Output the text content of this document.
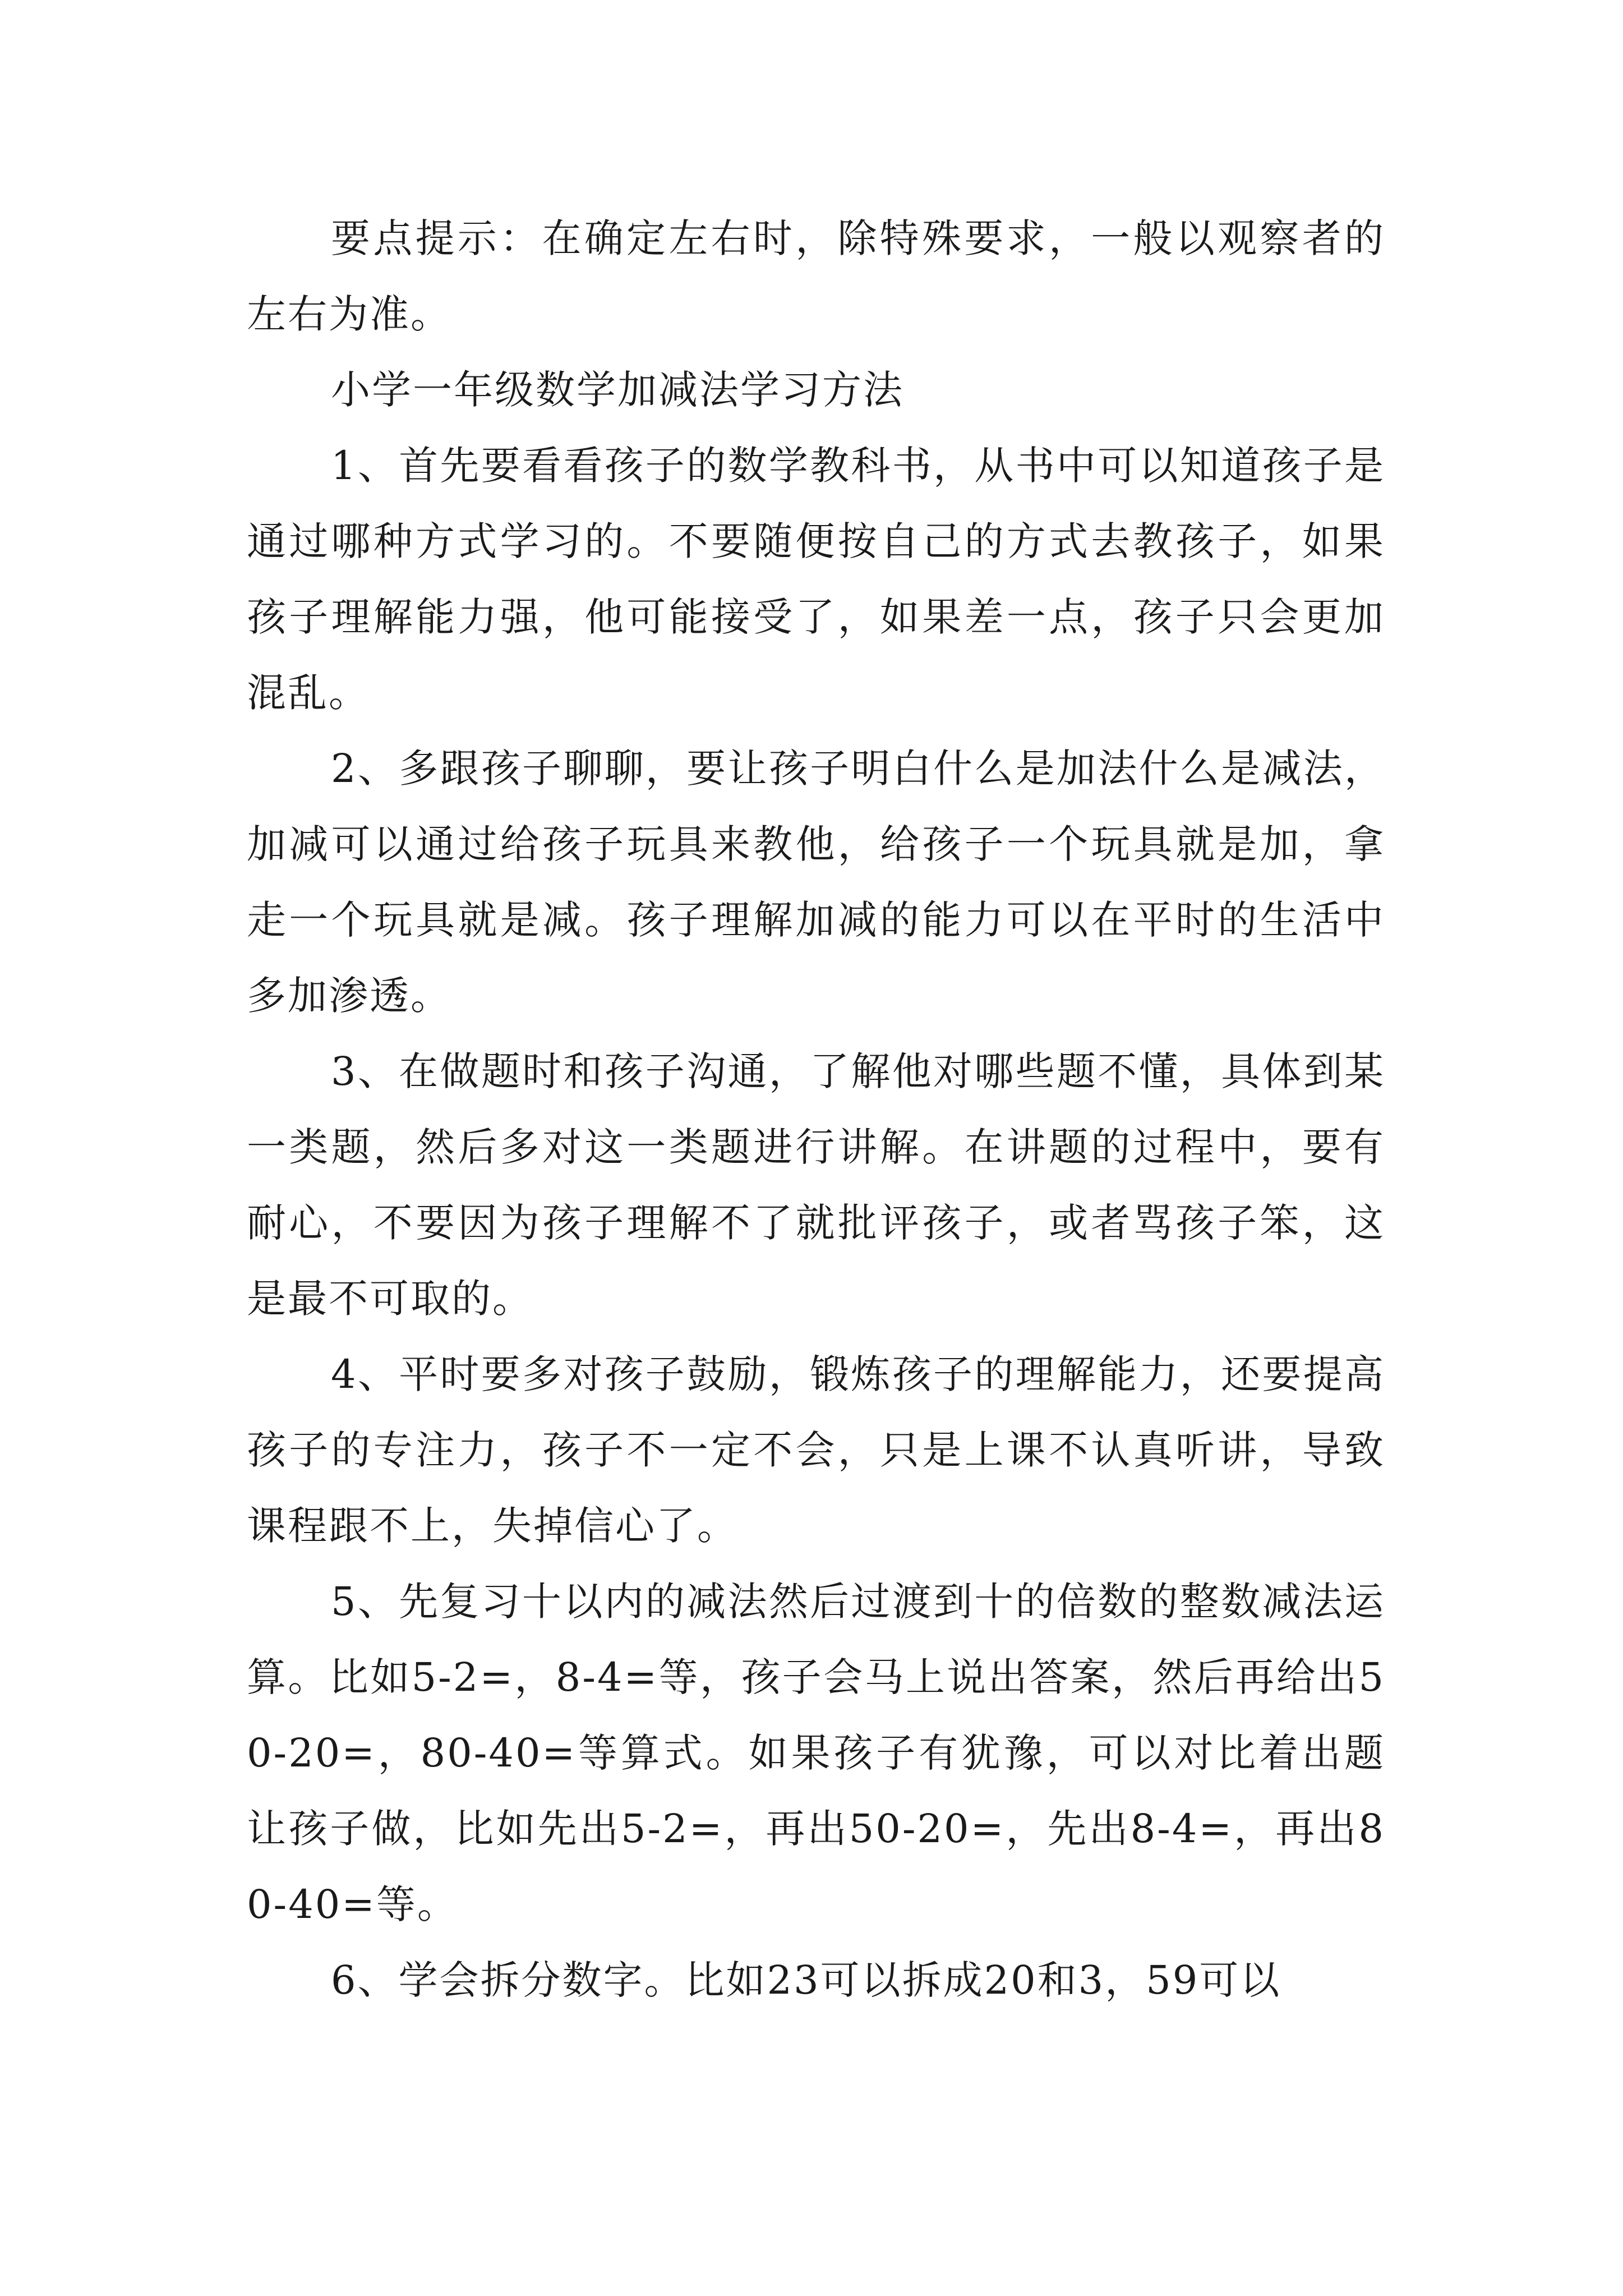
要点提示：在确定左右时，除特殊要求，一般以观察者的左右为准。

小学一年级数学加减法学习方法

1、首先要看看孩子的数学教科书，从书中可以知道孩子是通过哪种方式学习的。不要随便按自己的方式去教孩子，如果孩子理解能力强，他可能接受了，如果差一点，孩子只会更加混乱。

2、多跟孩子聊聊，要让孩子明白什么是加法什么是减法，加减可以通过给孩子玩具来教他，给孩子一个玩具就是加，拿走一个玩具就是减。孩子理解加减的能力可以在平时的生活中多加渗透。

3、在做题时和孩子沟通，了解他对哪些题不懂，具体到某一类题，然后多对这一类题进行讲解。在讲题的过程中，要有耐心，不要因为孩子理解不了就批评孩子，或者骂孩子笨，这是最不可取的。

4、平时要多对孩子鼓励，锻炼孩子的理解能力，还要提高孩子的专注力，孩子不一定不会，只是上课不认真听讲，导致课程跟不上，失掉信心了。

5、先复习十以内的减法然后过渡到十的倍数的整数减法运算。比如5-2=，8-4=等，孩子会马上说出答案，然后再给出50-20=，80-40=等算式。如果孩子有犹豫，可以对比着出题让孩子做，比如先出5-2=，再出50-20=，先出8-4=，再出80-40=等。

6、学会拆分数字。比如23可以拆成20和3，59可以
